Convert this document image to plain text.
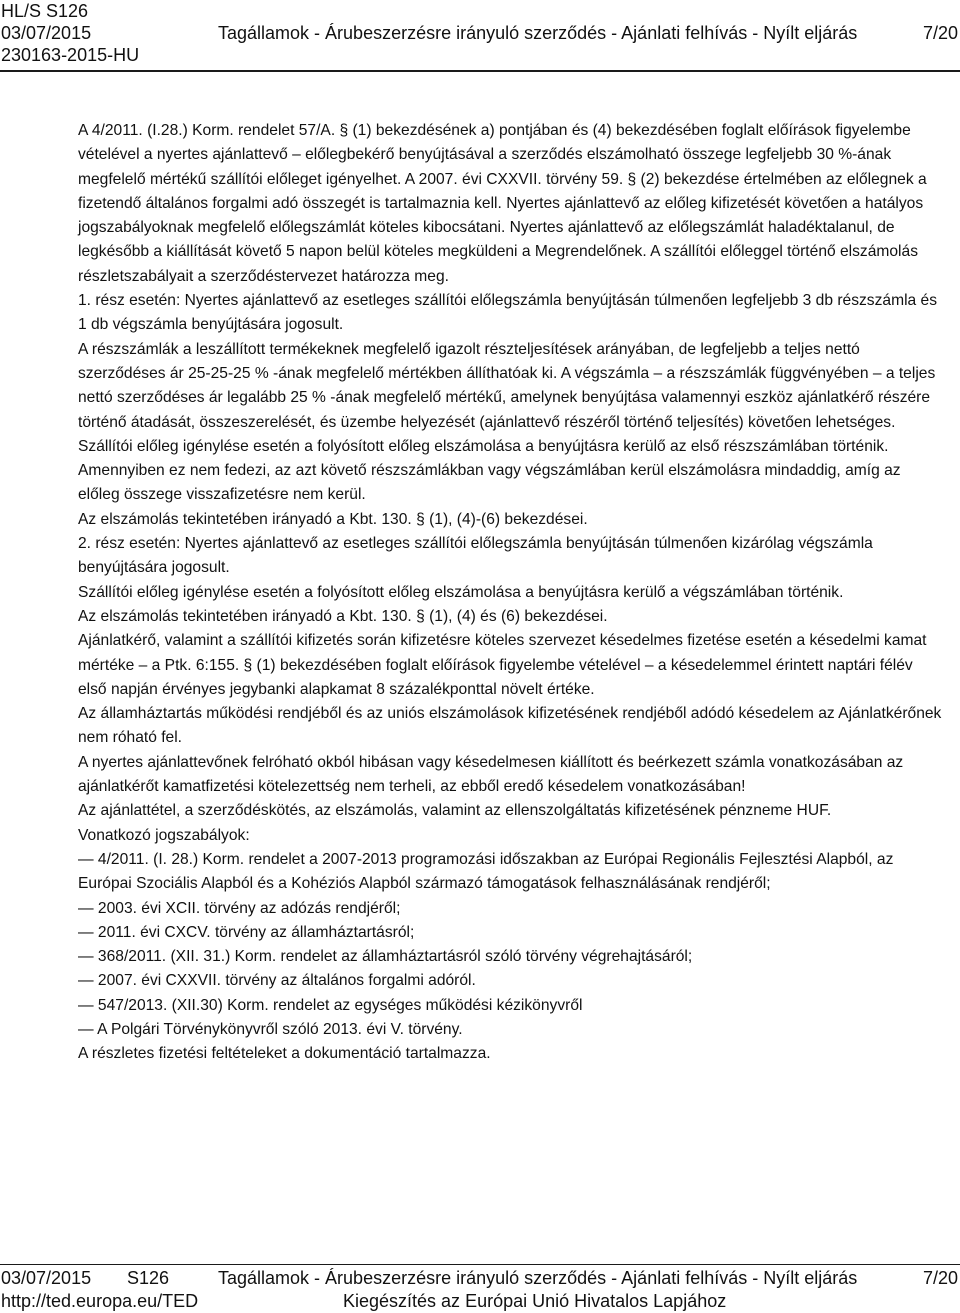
HL/S S126
03/07/2015
230163-2015-HU
Tagállamok - Árubeszerzésre irányuló szerződés - Ajánlati felhívás - Nyílt eljárás	7/20

A 4/2011. (I.28.) Korm. rendelet 57/A. § (1) bekezdésének a) pontjában és (4) bekezdésében foglalt előírások figyelembe vételével a nyertes ajánlattevő – előlegbekérő benyújtásával a szerződés elszámolható összege legfeljebb 30 %-ának megfelelő mértékű szállítói előleget igényelhet. A 2007. évi CXXVII. törvény 59. § (2) bekezdése értelmében az előlegnek a fizetendő általános forgalmi adó összegét is tartalmaznia kell. Nyertes ajánlattevő az előleg kifizetését követően a hatályos jogszabályoknak megfelelő előlegszámlát köteles kibocsátani. Nyertes ajánlattevő az előlegszámlát haladéktalanul, de legkésőbb a kiállítását követő 5 napon belül köteles megküldeni a Megrendelőnek. A szállítói előleggel történő elszámolás részletszabályait a szerződéstervezet határozza meg.

1. rész esetén: Nyertes ajánlattevő az esetleges szállítói előlegszámla benyújtásán túlmenően legfeljebb 3 db részszámla és 1 db végszámla benyújtására jogosult.

A részszámlák a leszállított termékeknek megfelelő igazolt részteljesítések arányában, de legfeljebb a teljes nettó szerződéses ár 25-25-25 % -ának megfelelő mértékben állíthatóak ki. A végszámla – a részszámlák függvényében – a teljes nettó szerződéses ár legalább 25 % -ának megfelelő mértékű, amelynek benyújtása valamennyi eszköz ajánlatkérő részére történő átadását, összeszerelését, és üzembe helyezését (ajánlattevő részéről történő teljesítés) követően lehetséges. Szállítói előleg igénylése esetén a folyósított előleg elszámolása a benyújtásra kerülő az első részszámlában történik. Amennyiben ez nem fedezi, az azt követő részszámlákban vagy végszámlában kerül elszámolásra mindaddig, amíg az előleg összege visszafizetésre nem kerül.

Az elszámolás tekintetében irányadó a Kbt. 130. § (1), (4)-(6) bekezdései.

2. rész esetén: Nyertes ajánlattevő az esetleges szállítói előlegszámla benyújtásán túlmenően kizárólag végszámla benyújtására jogosult.

Szállítói előleg igénylése esetén a folyósított előleg elszámolása a benyújtásra kerülő a végszámlában történik.

Az elszámolás tekintetében irányadó a Kbt. 130. § (1), (4) és (6) bekezdései.

Ajánlatkérő, valamint a szállítói kifizetés során kifizetésre köteles szervezet késedelmes fizetése esetén a késedelmi kamat mértéke – a Ptk. 6:155. § (1) bekezdésében foglalt előírások figyelembe vételével – a késedelemmel érintett naptári félév első napján érvényes jegybanki alapkamat 8 százalékponttal növelt értéke.

Az államháztartás működési rendjéből és az uniós elszámolások kifizetésének rendjéből adódó késedelem az Ajánlatkérőnek nem róható fel.

A nyertes ajánlattevőnek felróható okból hibásan vagy késedelmesen kiállított és beérkezett számla vonatkozásában az ajánlatkérőt kamatfizetési kötelezettség nem terheli, az ebből eredő késedelem vonatkozásában!

Az ajánlattétel, a szerződéskötés, az elszámolás, valamint az ellenszolgáltatás kifizetésének pénzneme HUF.

Vonatkozó jogszabályok:

— 4/2011. (I. 28.) Korm. rendelet a 2007-2013 programozási időszakban az Európai Regionális Fejlesztési Alapból, az Európai Szociális Alapból és a Kohéziós Alapból származó támogatások felhasználásának rendjéről;

— 2003. évi XCII. törvény az adózás rendjéről;

— 2011. évi CXCV. törvény az államháztartásról;

— 368/2011. (XII. 31.) Korm. rendelet az államháztartásról szóló törvény végrehajtásáról;

— 2007. évi CXXVII. törvény az általános forgalmi adóról.

— 547/2013. (XII.30) Korm. rendelet az egységes működési kézikönyvről

— A Polgári Törvénykönyvről szóló 2013. évi V. törvény.

A részletes fizetési feltételeket a dokumentáció tartalmazza.

03/07/2015 S126	Tagállamok - Árubeszerzésre irányuló szerződés - Ajánlati felhívás - Nyílt eljárás	7/20
http://ted.europa.eu/TED	Kiegészítés az Európai Unió Hivatalos Lapjához
